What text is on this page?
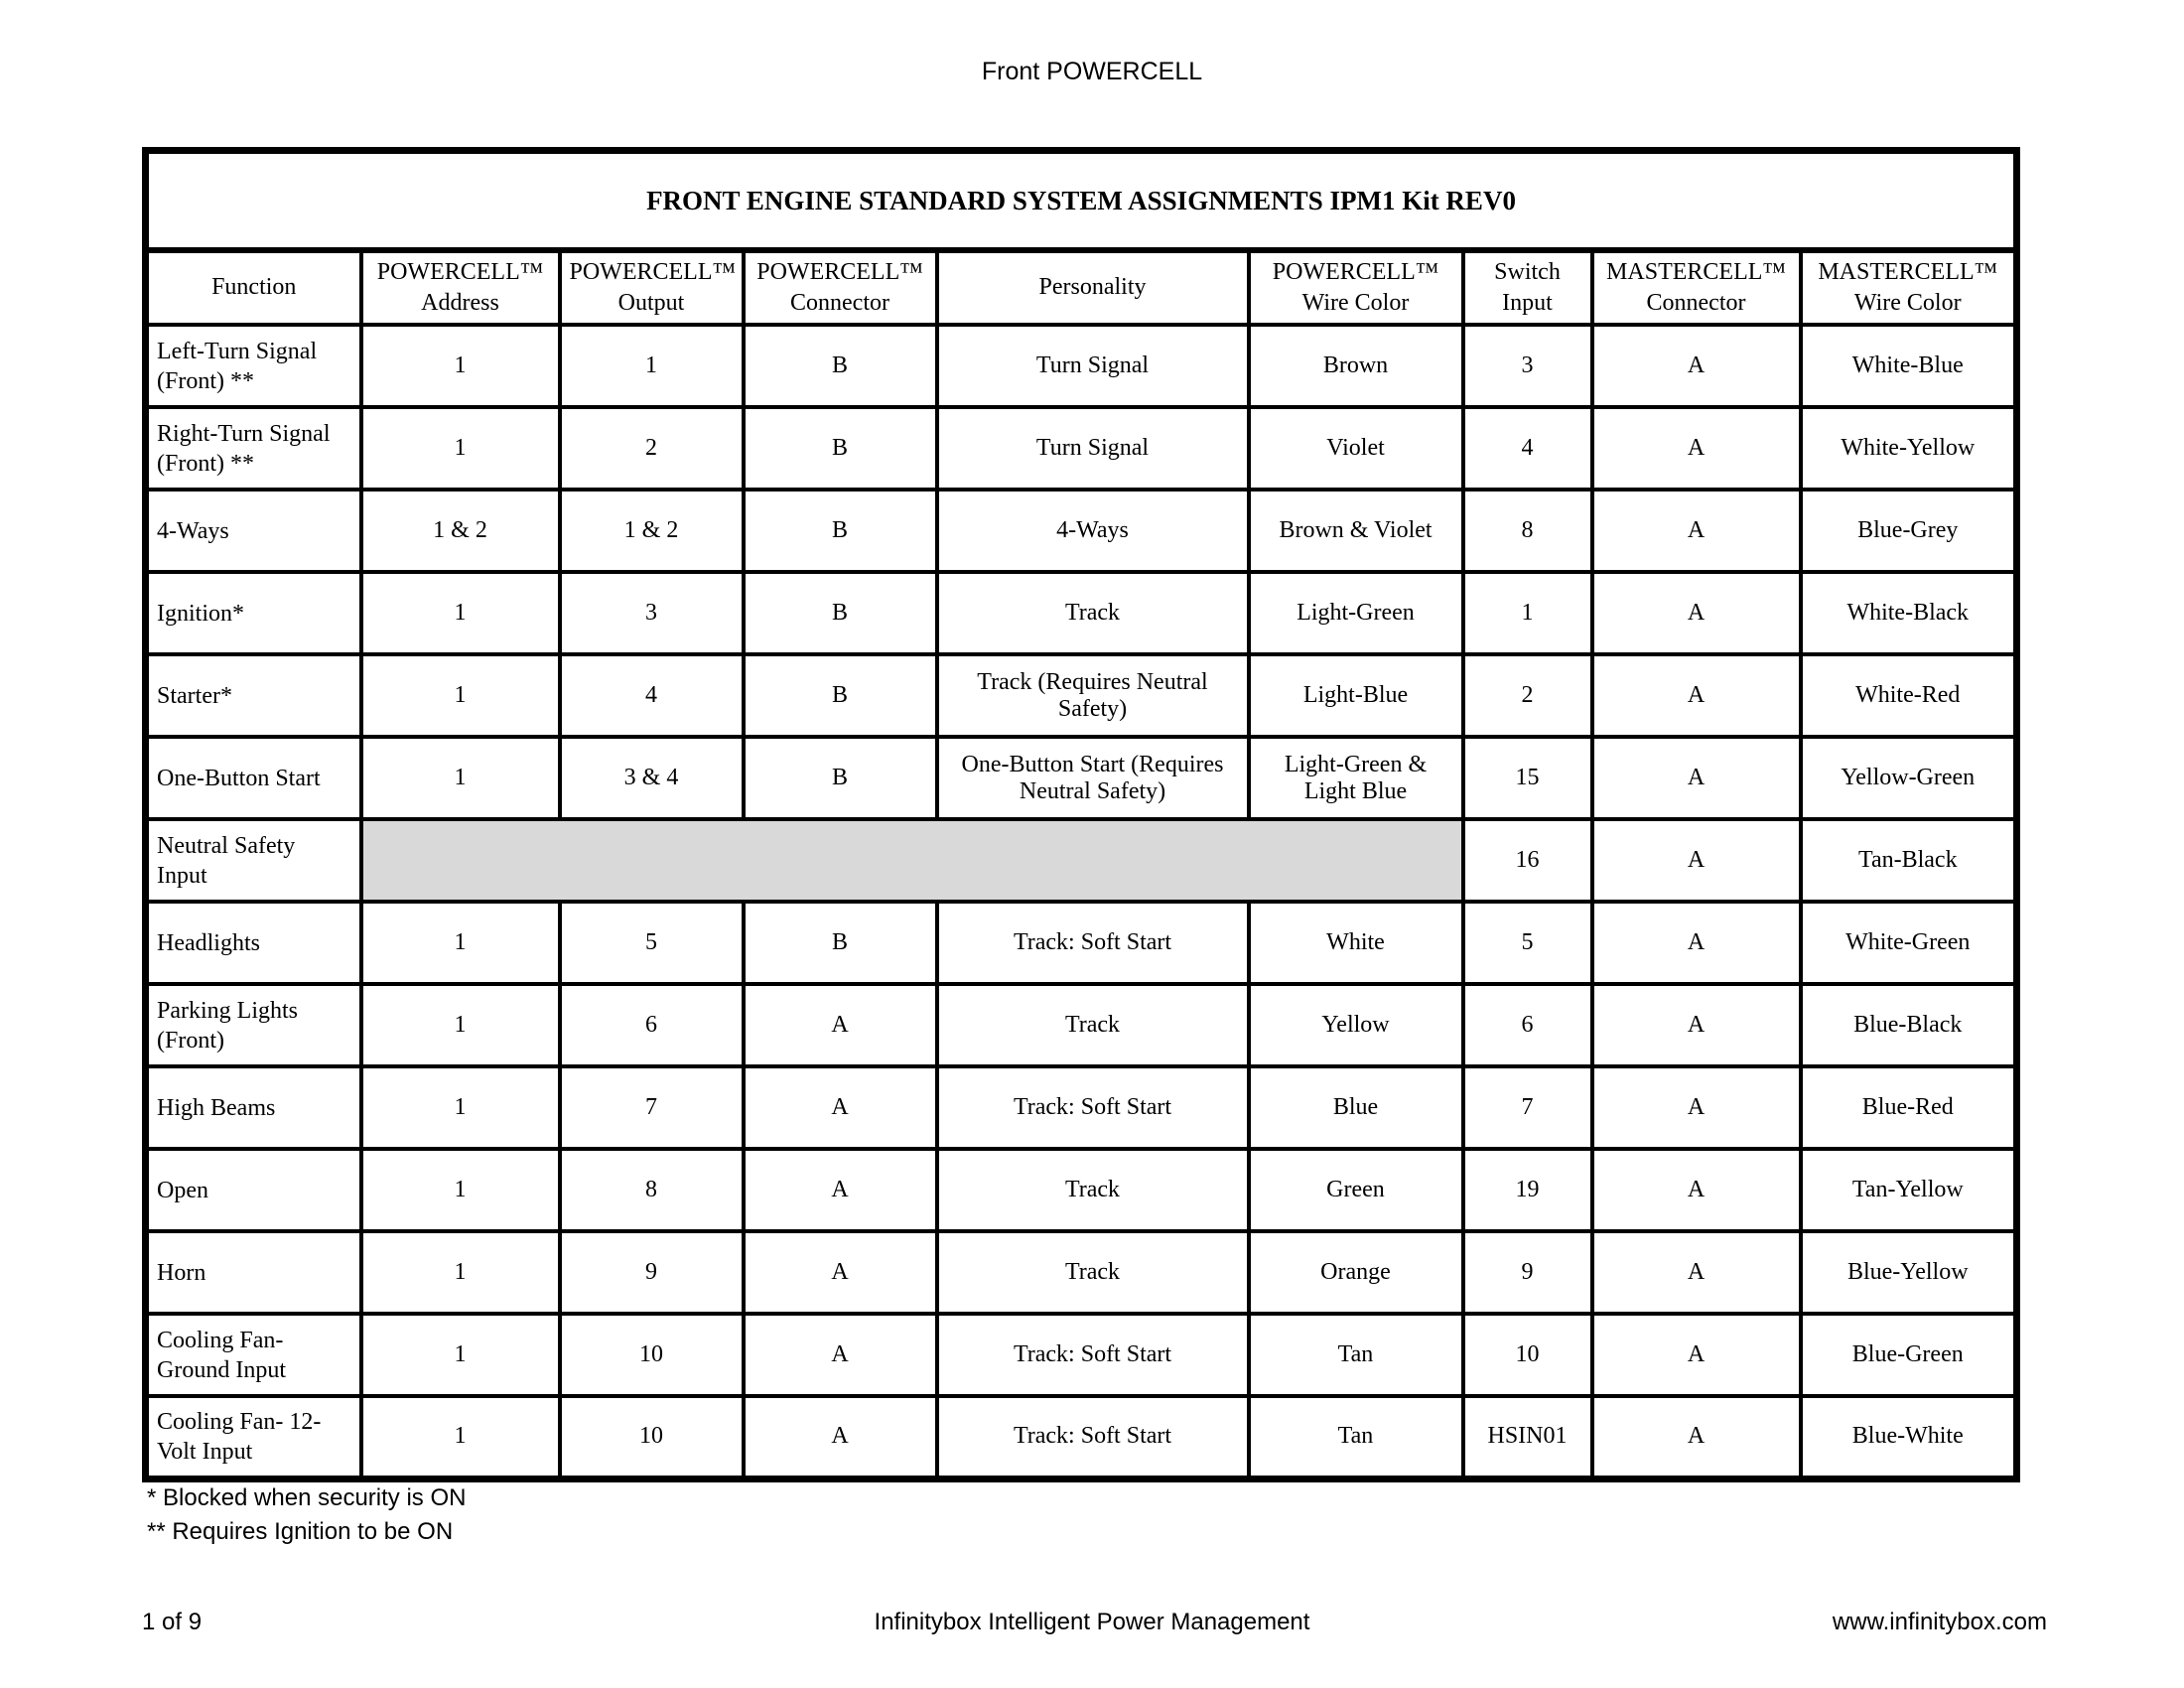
Front POWERCELL
FRONT ENGINE STANDARD SYSTEM ASSIGNMENTS IPM1 Kit REV0								
Function	POWERCELL™ Address	POWERCELL™ Output	POWERCELL™ Connector	Personality	POWERCELL™ Wire Color	Switch Input	MASTERCELL™ Connector	MASTERCELL™ Wire Color
Left-Turn Signal (Front) **	1	1	B	Turn Signal	Brown	3	A	White-Blue
Right-Turn Signal (Front) **	1	2	B	Turn Signal	Violet	4	A	White-Yellow
4-Ways	1 & 2	1 & 2	B	4-Ways	Brown & Violet	8	A	Blue-Grey
Ignition*	1	3	B	Track	Light-Green	1	A	White-Black
Starter*	1	4	B	Track (Requires Neutral Safety)	Light-Blue	2	A	White-Red
One-Button Start	1	3 & 4	B	One-Button Start (Requires Neutral Safety)	Light-Green & Light Blue	15	A	Yellow-Green
Neutral Safety Input						16	A	Tan-Black
Headlights	1	5	B	Track: Soft Start	White	5	A	White-Green
Parking Lights (Front)	1	6	A	Track	Yellow	6	A	Blue-Black
High Beams	1	7	A	Track: Soft Start	Blue	7	A	Blue-Red
Open	1	8	A	Track	Green	19	A	Tan-Yellow
Horn	1	9	A	Track	Orange	9	A	Blue-Yellow
Cooling Fan-Ground Input	1	10	A	Track: Soft Start	Tan	10	A	Blue-Green
Cooling Fan- 12-Volt Input	1	10	A	Track: Soft Start	Tan	HSIN01	A	Blue-White
* Blocked when security is ON
** Requires Ignition to be ON
1 of 9	Infinitybox Intelligent Power Management	www.infinitybox.com
